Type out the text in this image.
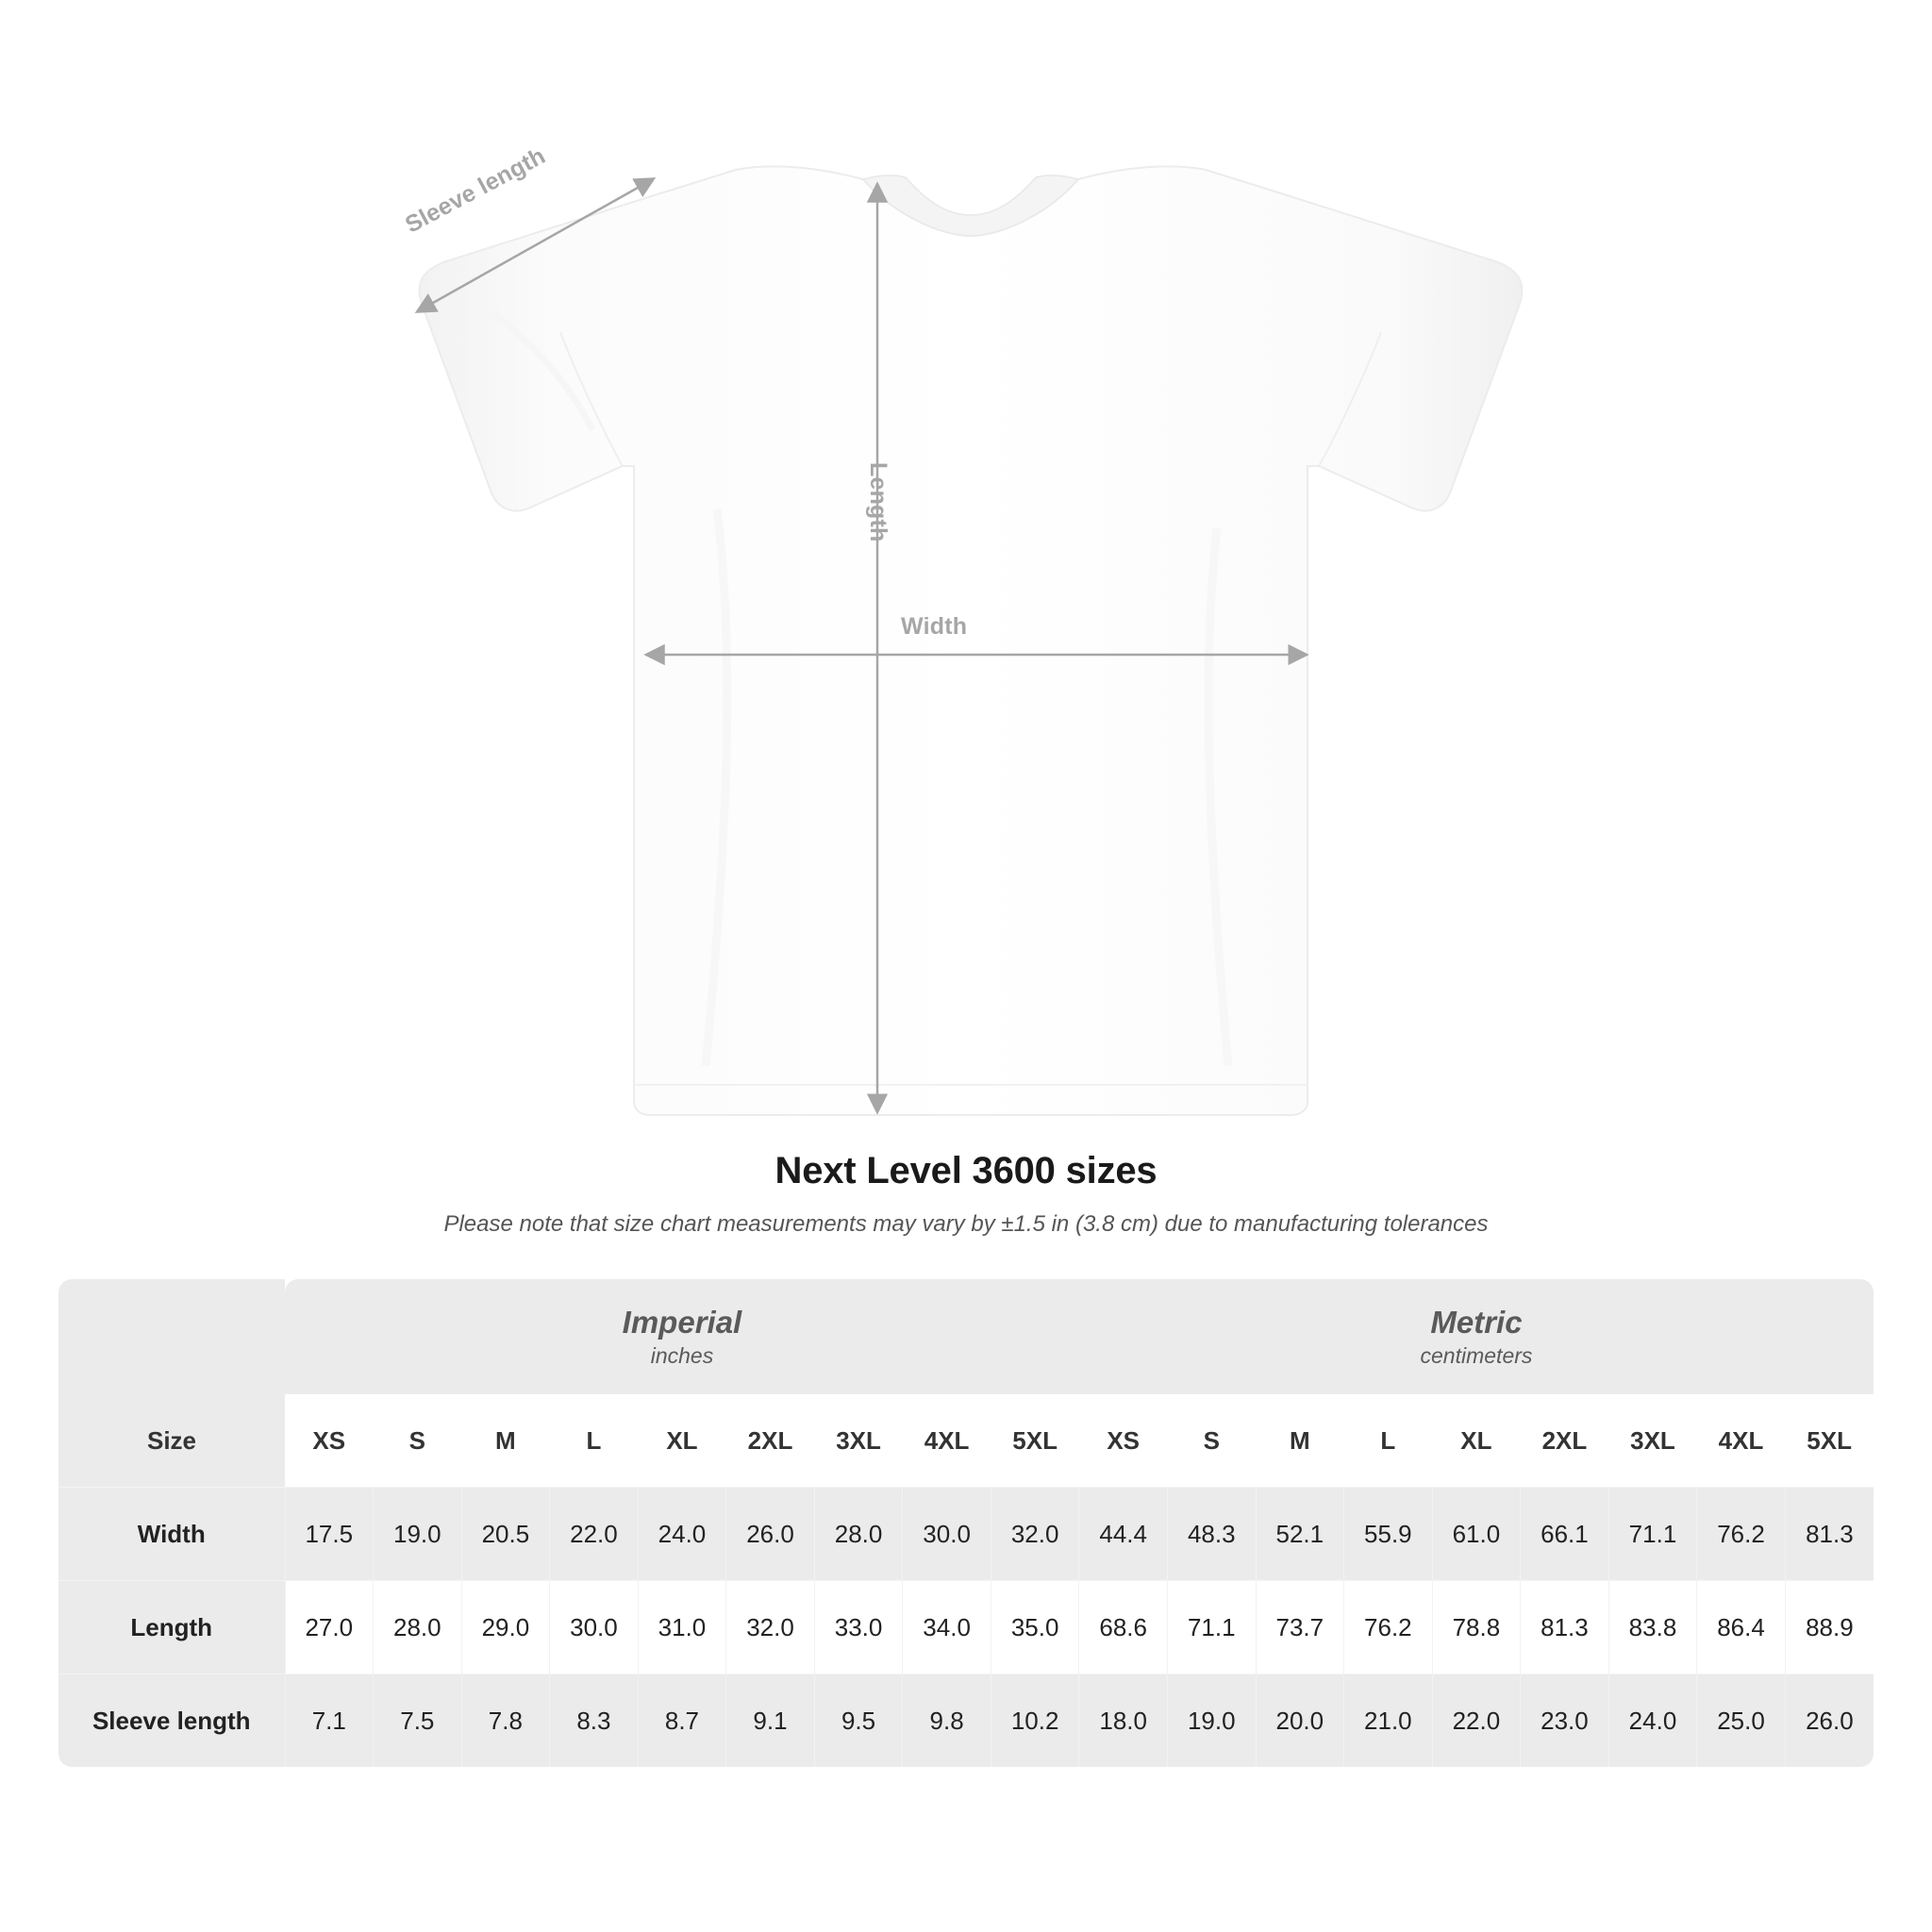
Sleeve length
Length
Width
Next Level 3600 sizes
Please note that size chart measurements may vary by ±1.5 in (3.8 cm) due to manufacturing tolerances

Imperial
inches

Metric
centimeters

Size	XS	S	M	L	XL	2XL	3XL	4XL	5XL	XS	S	M	L	XL	2XL	3XL	4XL	5XL
Width	17.5	19.0	20.5	22.0	24.0	26.0	28.0	30.0	32.0	44.4	48.3	52.1	55.9	61.0	66.1	71.1	76.2	81.3
Length	27.0	28.0	29.0	30.0	31.0	32.0	33.0	34.0	35.0	68.6	71.1	73.7	76.2	78.8	81.3	83.8	86.4	88.9
Sleeve length	7.1	7.5	7.8	8.3	8.7	9.1	9.5	9.8	10.2	18.0	19.0	20.0	21.0	22.0	23.0	24.0	25.0	26.0
